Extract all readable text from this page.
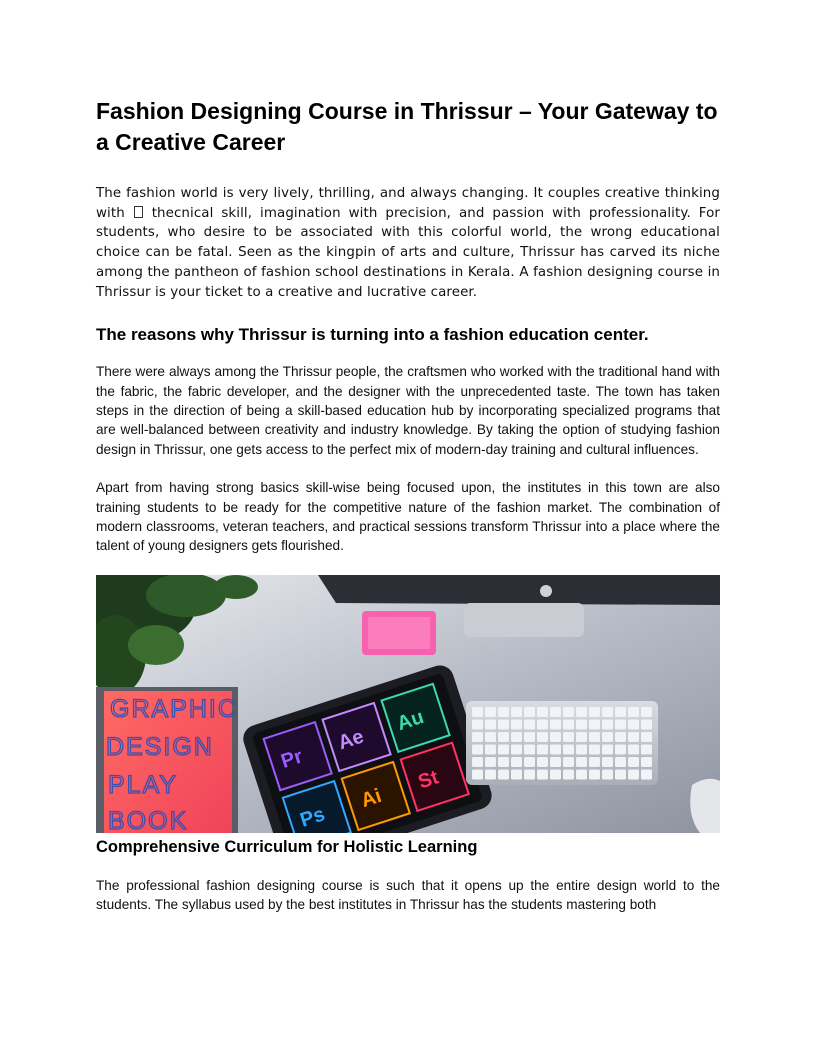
Fashion Designing Course in Thrissur – Your Gateway to a Creative Career

The fashion world is very lively, thrilling, and always changing. It couples creative thinking with  thecnical skill, imagination with precision, and passion with professionality. For students, who desire to be associated with this colorful world, the wrong educational choice can be fatal. Seen as the kingpin of arts and culture, Thrissur has carved its niche among the pantheon of fashion school destinations in Kerala. A fashion designing course in Thrissur is your ticket to a creative and lucrative career.

The reasons why Thrissur is turning into a fashion education center.

There were always among the Thrissur people, the craftsmen who worked with the traditional hand with the fabric, the fabric developer, and the designer with the unprecedented taste. The town has taken steps in the direction of being a skill-based education hub by incorporating specialized programs that are well-balanced between creativity and industry knowledge. By taking the option of studying fashion design in Thrissur, one gets access to the perfect mix of modern-day training and cultural influences.

Apart from having strong basics skill-wise being focused upon, the institutes in this town are also training students to be ready for the competitive nature of the fashion market. The combination of modern classrooms, veteran teachers, and practical sessions transform Thrissur into a place where the talent of young designers gets flourished.

GRAPHIC
DESIGN
PLAY
BOOK
Pr
Ae
Au
Ps
Ai
St
Comprehensive Curriculum for Holistic Learning

The professional fashion designing course is such that it opens up the entire design world to the students. The syllabus used by the best institutes in Thrissur has the students mastering both
